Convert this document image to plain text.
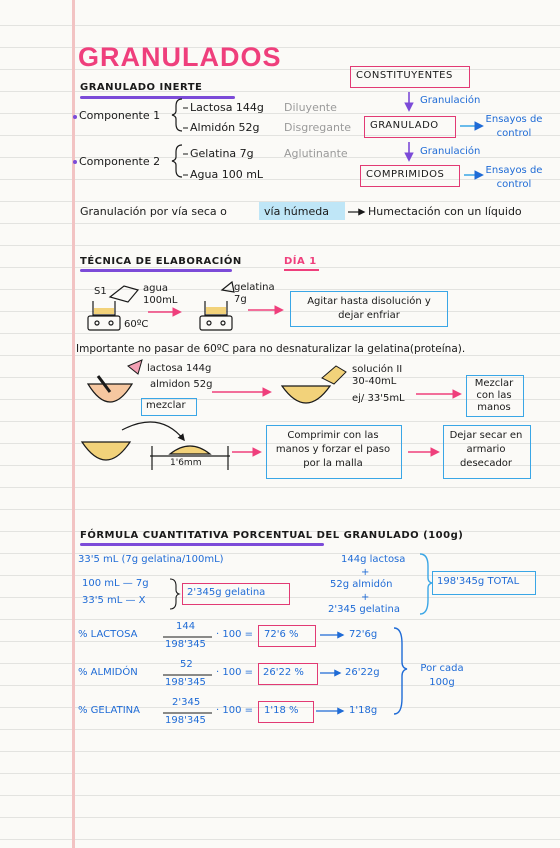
GRANULADOS
GRANULADO INERTE
Componente 1
Lactosa 144g Diluyente
Almidón 52g Disgregante
Componente 2
Gelatina 7g	Aglutinante
Agua 100 mL
CONSTITUYENTES
Granulación
GRANULADO
Ensayos de control
Granulación
COMPRIMIDOS	Ensayos de control
Granulación por vía seca o	vía húmeda	Humectación con un líquido
TÉCNICA DE ELABORACIÓN	DÍA 1
S1	agua 100mL
60ºC
gelatina 7g	Agitar hasta disolución y dejar enfriar
Importante no pasar de 60ºC para no desnaturalizar la gelatina(proteína).
lactosa 144g
almidon 52g
mezclar
solución II 30-40mL
ej/ 33'5mL
Mezclar con las manos
1'6mm
Comprimir con las manos y forzar el paso por la malla
Dejar secar en armario desecador
FÓRMULA CUANTITATIVA PORCENTUAL DEL GRANULADO (100g)
33'5 mL (7g gelatina/100mL)
100 mL — 7g
33'5 mL — X
2'345g gelatina
144g lactosa
+
52g almidón
+
2'345 gelatina
198'345g TOTAL
% LACTOSA
144
198'345
· 100 = 72'6 %	72'6g
% ALMIDÓN
52
198'345
· 100 = 26'22 %	26'22g
% GELATINA
2'345
198'345
· 100 = 1'18 %	1'18g
Por cada 100g
